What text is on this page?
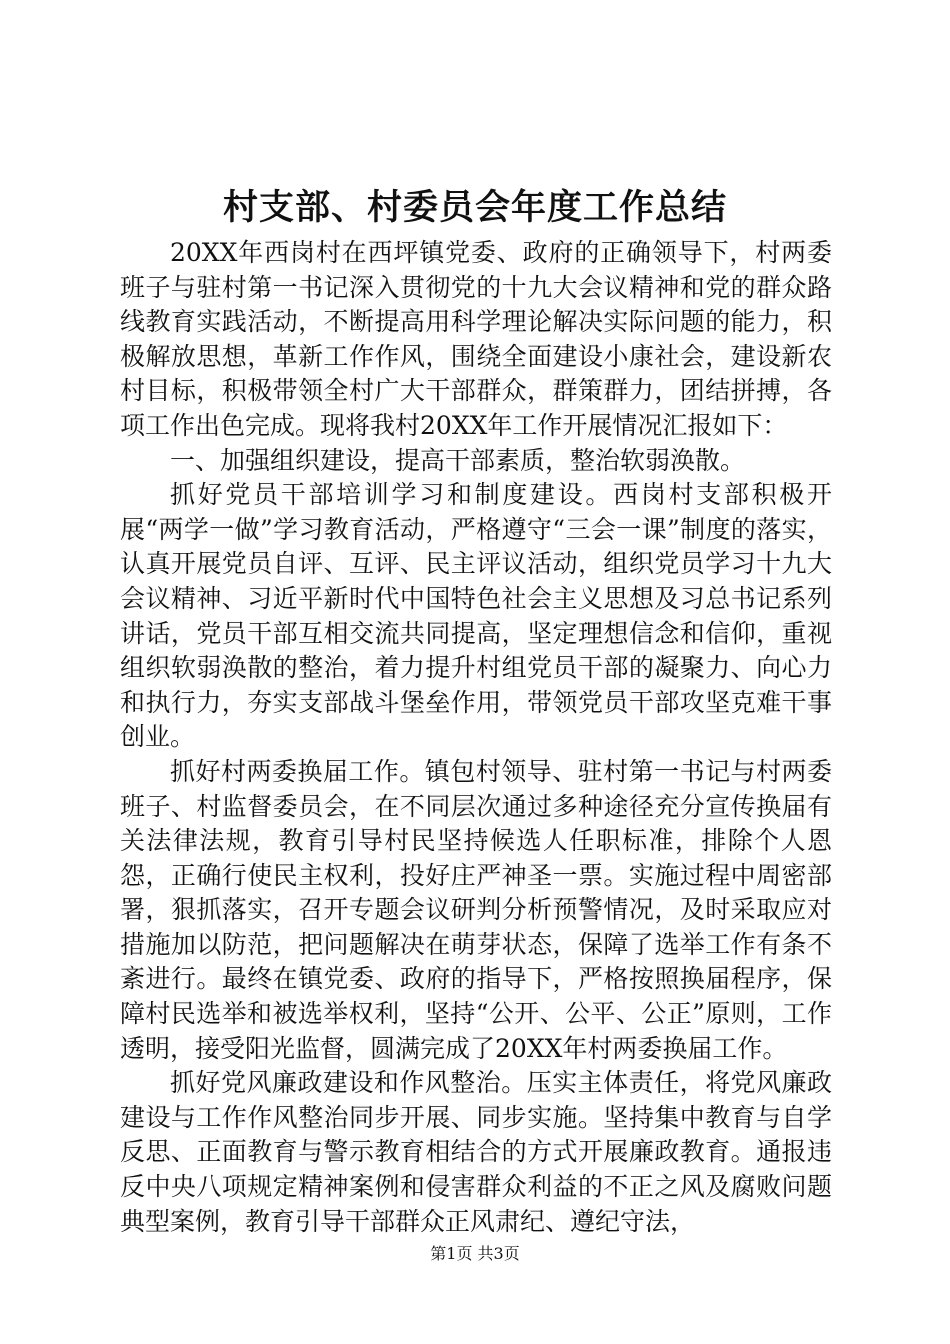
村支部、村委员会年度工作总结

20XX年西岗村在西坪镇党委、政府的正确领导下，村两委班子与驻村第一书记深入贯彻党的十九大会议精神和党的群众路线教育实践活动，不断提高用科学理论解决实际问题的能力，积极解放思想，革新工作作风，围绕全面建设小康社会，建设新农村目标，积极带领全村广大干部群众，群策群力，团结拼搏，各项工作出色完成。现将我村20XX年工作开展情况汇报如下：

一、加强组织建设，提高干部素质，整治软弱涣散。

抓好党员干部培训学习和制度建设。西岗村支部积极开展“两学一做”学习教育活动，严格遵守“三会一课”制度的落实，认真开展党员自评、互评、民主评议活动，组织党员学习十九大会议精神、习近平新时代中国特色社会主义思想及习总书记系列讲话，党员干部互相交流共同提高，坚定理想信念和信仰，重视组织软弱涣散的整治，着力提升村组党员干部的凝聚力、向心力和执行力，夯实支部战斗堡垒作用，带领党员干部攻坚克难干事创业。

抓好村两委换届工作。镇包村领导、驻村第一书记与村两委班子、村监督委员会，在不同层次通过多种途径充分宣传换届有关法律法规，教育引导村民坚持候选人任职标准，排除个人恩怨，正确行使民主权利，投好庄严神圣一票。实施过程中周密部署，狠抓落实，召开专题会议研判分析预警情况，及时采取应对措施加以防范，把问题解决在萌芽状态，保障了选举工作有条不紊进行。最终在镇党委、政府的指导下，严格按照换届程序，保障村民选举和被选举权利，坚持“公开、公平、公正”原则，工作透明，接受阳光监督，圆满完成了20XX年村两委换届工作。

抓好党风廉政建设和作风整治。压实主体责任，将党风廉政建设与工作作风整治同步开展、同步实施。坚持集中教育与自学反思、正面教育与警示教育相结合的方式开展廉政教育。通报违反中央八项规定精神案例和侵害群众利益的不正之风及腐败问题典型案例，教育引导干部群众正风肃纪、遵纪守法，

第1页 共3页
